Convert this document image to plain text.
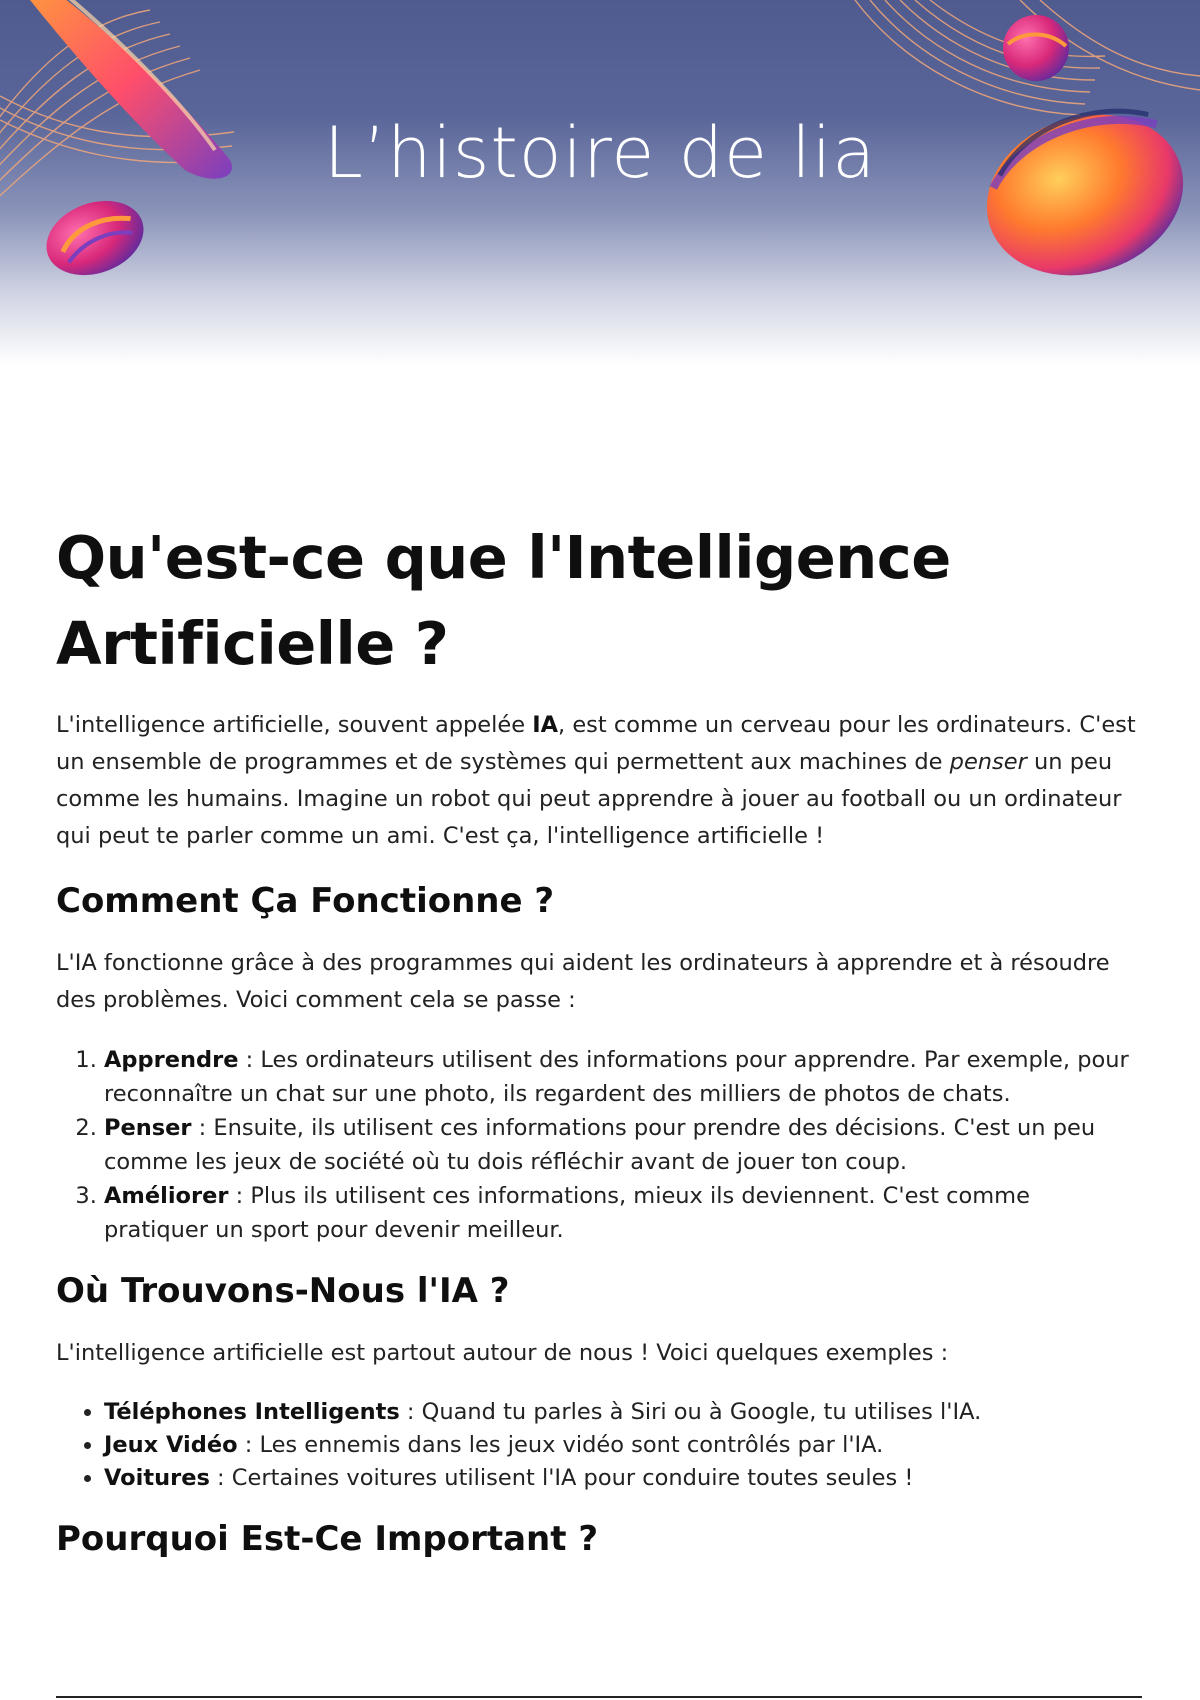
L’histoire de lia
Qu'est-ce que l'Intelligence Artificielle ?

L'intelligence artificielle, souvent appelée IA, est comme un cerveau pour les ordinateurs. C'est un ensemble de programmes et de systèmes qui permettent aux machines de penser un peu comme les humains. Imagine un robot qui peut apprendre à jouer au football ou un ordinateur qui peut te parler comme un ami. C'est ça, l'intelligence artificielle !

Comment Ça Fonctionne ?

L'IA fonctionne grâce à des programmes qui aident les ordinateurs à apprendre et à résoudre des problèmes. Voici comment cela se passe :

1. Apprendre : Les ordinateurs utilisent des informations pour apprendre. Par exemple, pour reconnaître un chat sur une photo, ils regardent des milliers de photos de chats.
2. Penser : Ensuite, ils utilisent ces informations pour prendre des décisions. C'est un peu comme les jeux de société où tu dois réfléchir avant de jouer ton coup.
3. Améliorer : Plus ils utilisent ces informations, mieux ils deviennent. C'est comme pratiquer un sport pour devenir meilleur.
Où Trouvons-Nous l'IA ?

L'intelligence artificielle est partout autour de nous ! Voici quelques exemples :

• Téléphones Intelligents : Quand tu parles à Siri ou à Google, tu utilises l'IA.
• Jeux Vidéo : Les ennemis dans les jeux vidéo sont contrôlés par l'IA.
• Voitures : Certaines voitures utilisent l'IA pour conduire toutes seules !
Pourquoi Est-Ce Important ?
